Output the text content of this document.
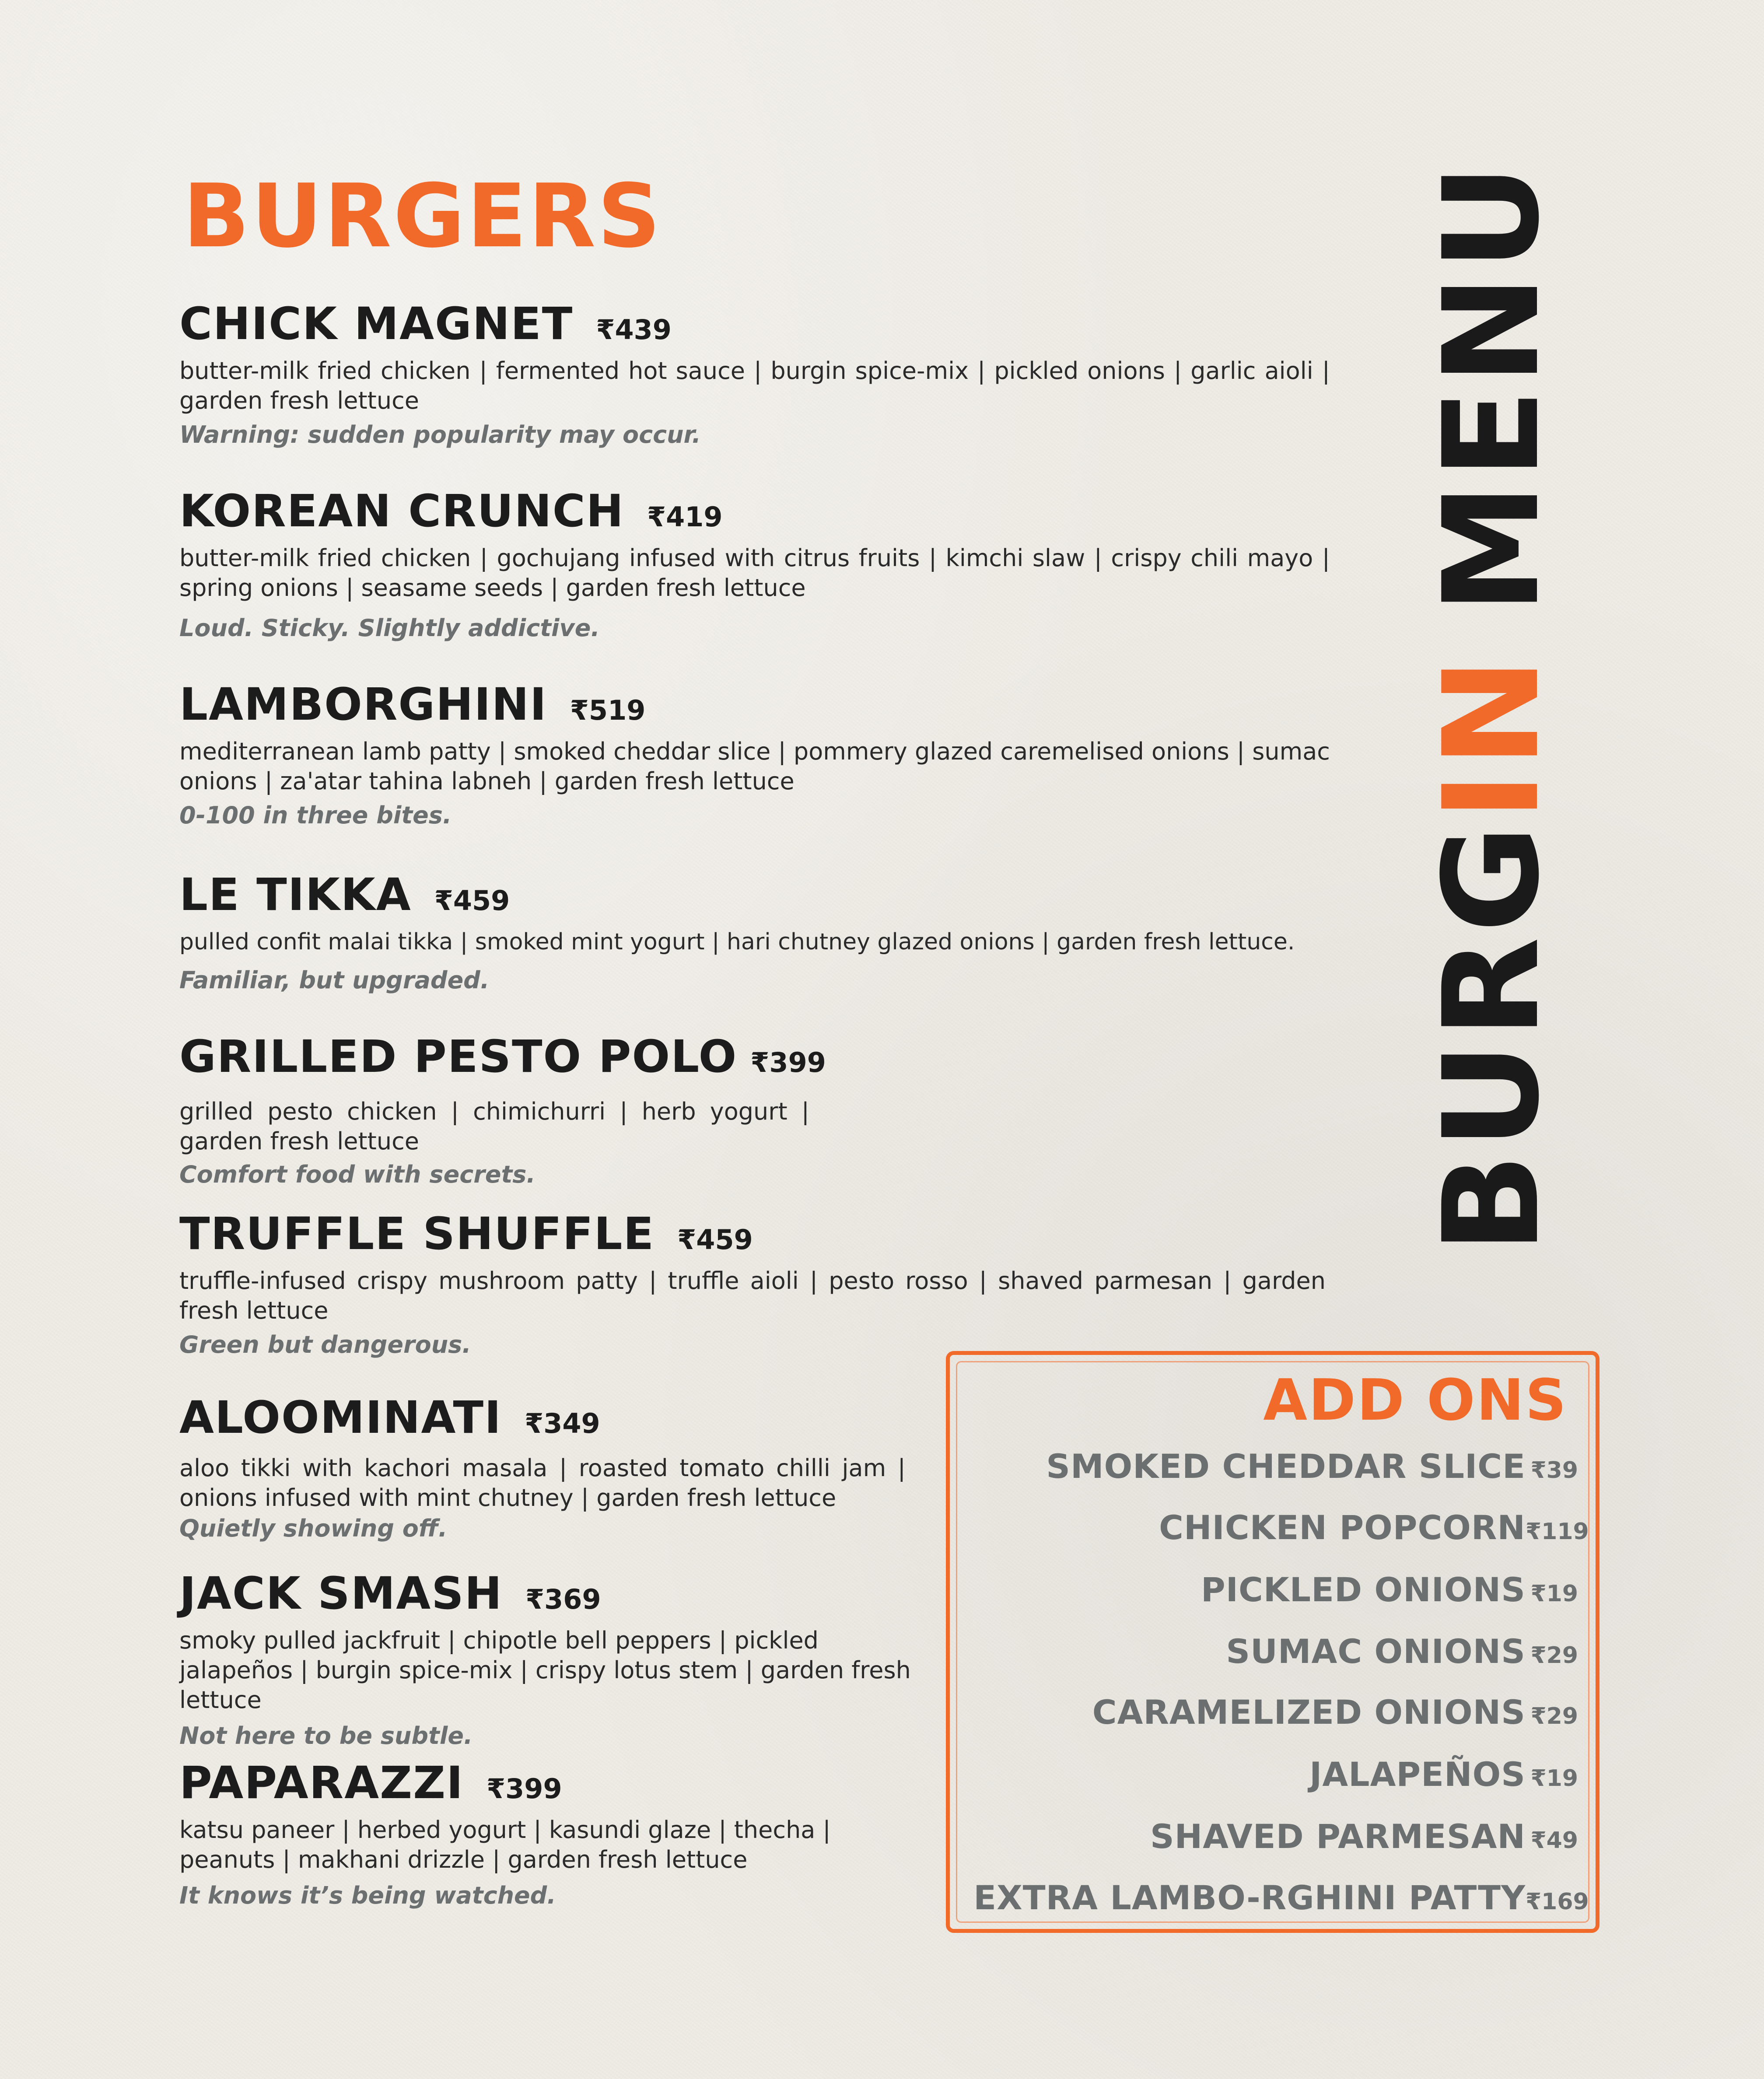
BURGERS
CHICK MAGNET ₹439
butter-milk fried chicken | fermented hot sauce | burgin spice-mix | pickled onions | garlic aioli | garden fresh lettuce
Warning: sudden popularity may occur.
KOREAN CRUNCH ₹419
butter-milk fried chicken | gochujang infused with citrus fruits | kimchi slaw | crispy chili mayo | spring onions | seasame seeds | garden fresh lettuce
Loud. Sticky. Slightly addictive.
LAMBORGHINI ₹519
mediterranean lamb patty | smoked cheddar slice | pommery glazed caremelised onions | sumac onions | za'atar tahina labneh | garden fresh lettuce
0-100 in three bites.
LE TIKKA ₹459
pulled confit malai tikka | smoked mint yogurt | hari chutney glazed onions | garden fresh lettuce.
Familiar, but upgraded.
GRILLED PESTO POLO ₹399
grilled pesto chicken | chimichurri | herb yogurt | garden fresh lettuce
Comfort food with secrets.
TRUFFLE SHUFFLE ₹459
truffle-infused crispy mushroom patty | truffle aioli | pesto rosso | shaved parmesan | garden fresh lettuce
Green but dangerous.
ALOOMINATI ₹349
aloo tikki with kachori masala | roasted tomato chilli jam | onions infused with mint chutney | garden fresh lettuce
Quietly showing off.
JACK SMASH ₹369
smoky pulled jackfruit | chipotle bell peppers | pickled jalapeños | burgin spice-mix | crispy lotus stem | garden fresh lettuce
Not here to be subtle.
PAPARAZZI ₹399
katsu paneer | herbed yogurt | kasundi glaze | thecha | peanuts | makhani drizzle | garden fresh lettuce
It knows it’s being watched.
BURGINMENU
ADD ONS
SMOKED CHEDDAR SLICE ₹39
CHICKEN POPCORN ₹119
PICKLED ONIONS ₹19
SUMAC ONIONS ₹29
CARAMELIZED ONIONS ₹29
JALAPEÑOS ₹19
SHAVED PARMESAN ₹49
EXTRA LAMBO-RGHINI PATTY ₹169
